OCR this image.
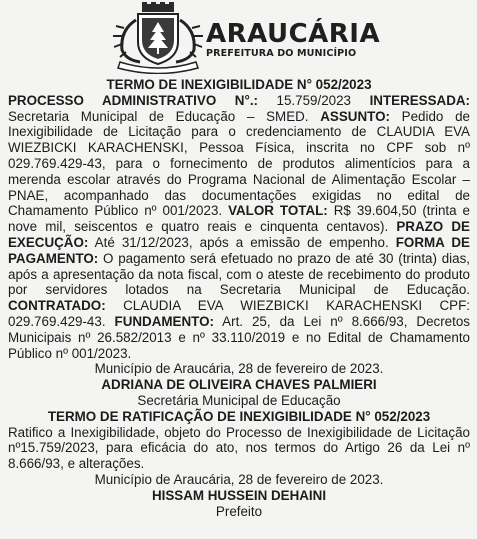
ARAUCÁRIA
PREFEITURA DO MUNICÍPIO

TERMO DE INEXIGIBILIDADE N° 052/2023

PROCESSO ADMINISTRATIVO N°.: 15.759/2023 INTERESSADA: Secretaria Municipal de Educação – SMED. ASSUNTO: Pedido de Inexigibilidade de Licitação para o credenciamento de CLAUDIA EVA WIEZBICKI KARACHENSKI, Pessoa Física, inscrita no CPF sob nº 029.769.429-43, para o fornecimento de produtos alimentícios para a merenda escolar através do Programa Nacional de Alimentação Escolar – PNAE, acompanhado das documentações exigidas no edital de Chamamento Público nº 001/2023. VALOR TOTAL: R$ 39.604,50 (trinta e nove mil, seiscentos e quatro reais e cinquenta centavos). PRAZO DE EXECUÇÃO: Até 31/12/2023, após a emissão de empenho. FORMA DE PAGAMENTO: O pagamento será efetuado no prazo de até 30 (trinta) dias, após a apresentação da nota fiscal, com o ateste de recebimento do produto por servidores lotados na Secretaria Municipal de Educação. CONTRATADO: CLAUDIA EVA WIEZBICKI KARACHENSKI CPF: 029.769.429-43. FUNDAMENTO: Art. 25, da Lei nº 8.666/93, Decretos Municipais nº 26.582/2013 e nº 33.110/2019 e no Edital de Chamamento Público nº 001/2023.

Município de Araucária, 28 de fevereiro de 2023.

ADRIANA DE OLIVEIRA CHAVES PALMIERI

Secretária Municipal de Educação

TERMO DE RATIFICAÇÃO DE INEXIGIBILIDADE N° 052/2023

Ratifico a Inexigibilidade, objeto do Processo de Inexigibilidade de Licitação nº15.759/2023, para eficácia do ato, nos termos do Artigo 26 da Lei nº 8.666/93, e alterações.

Município de Araucária, 28 de fevereiro de 2023.

HISSAM HUSSEIN DEHAINI

Prefeito
